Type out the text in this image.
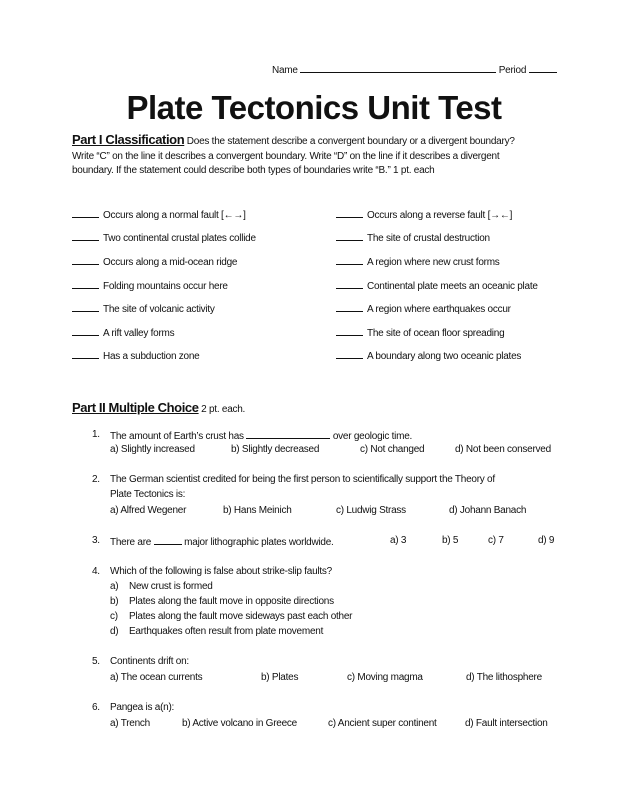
Name	Period
Plate Tectonics Unit Test
Part I Classification Does the statement describe a convergent boundary or a divergent boundary?
Write “C” on the line it describes a convergent boundary. Write “D” on the line if it describes a divergent
boundary. If the statement could describe both types of boundaries write “B.” 1 pt. each
Occurs along a normal fault [←→]
Two continental crustal plates collide
Occurs along a mid-ocean ridge
Folding mountains occur here
The site of volcanic activity
A rift valley forms
Has a subduction zone
Occurs along a reverse fault [→←]
The site of crustal destruction
A region where new crust forms
Continental plate meets an oceanic plate
A region where earthquakes occur
The site of ocean floor spreading
A boundary along two oceanic plates
Part II Multiple Choice 2 pt. each.
1. The amount of Earth’s crust has	over geologic time.
a) Slightly increased	b) Slightly decreased	c) Not changed	d) Not been conserved
2. The German scientist credited for being the first person to scientifically support the Theory of
Plate Tectonics is:
a) Alfred Wegener	b) Hans Meinich	c) Ludwig Strass	d) Johann Banach
3. There are	major lithographic plates worldwide.	a) 3	b) 5	c) 7	d) 9
4. Which of the following is false about strike-slip faults?
a) New crust is formed
b) Plates along the fault move in opposite directions
c) Plates along the fault move sideways past each other
d) Earthquakes often result from plate movement
5. Continents drift on:
a) The ocean currents	b) Plates	c) Moving magma	d) The lithosphere
6. Pangea is a(n):
a) Trench	b) Active volcano in Greece	c) Ancient super continent	d) Fault intersection
